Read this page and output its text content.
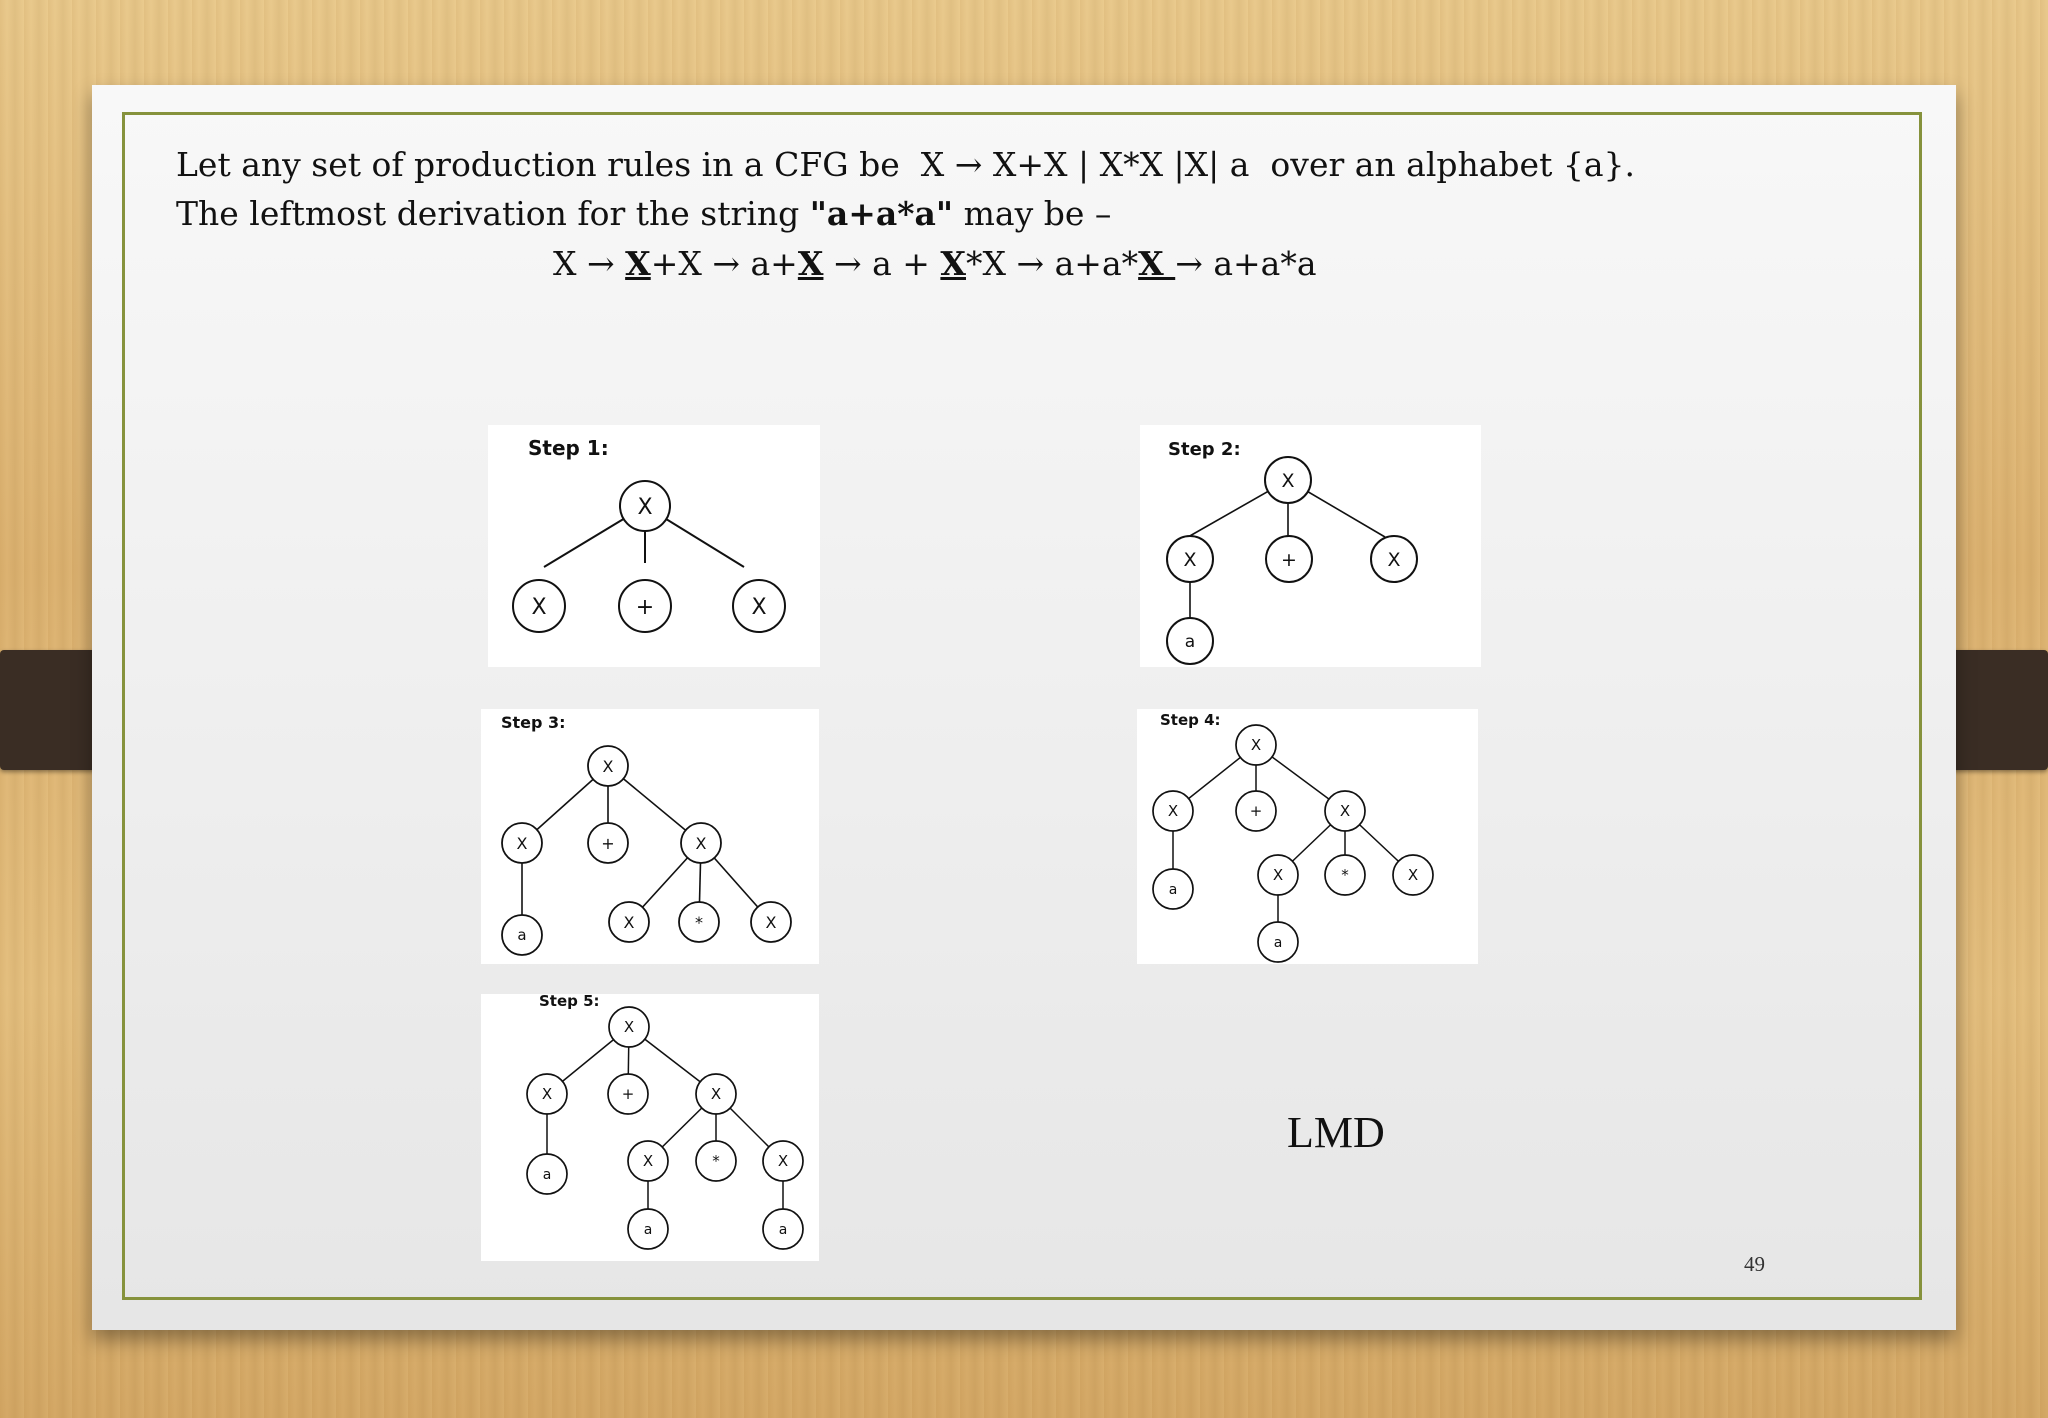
Let any set of production rules in a CFG be  X → X+X | X*X |X| a  over an alphabet {a}.
The leftmost derivation for the string "a+a*a" may be –
X → X+X → a+X → a + X*X → a+a*X → a+a*a
Step 1:
X
X	+	X
Step 2:
X
X	+	X
a
Step 3:
X
X	+	X
a
X	*	X
Step 4:
X
X	+	X
a
X	*	X
a
Step 5:
X
X	+	X
a
X	*	X
a	a
LMD
49
